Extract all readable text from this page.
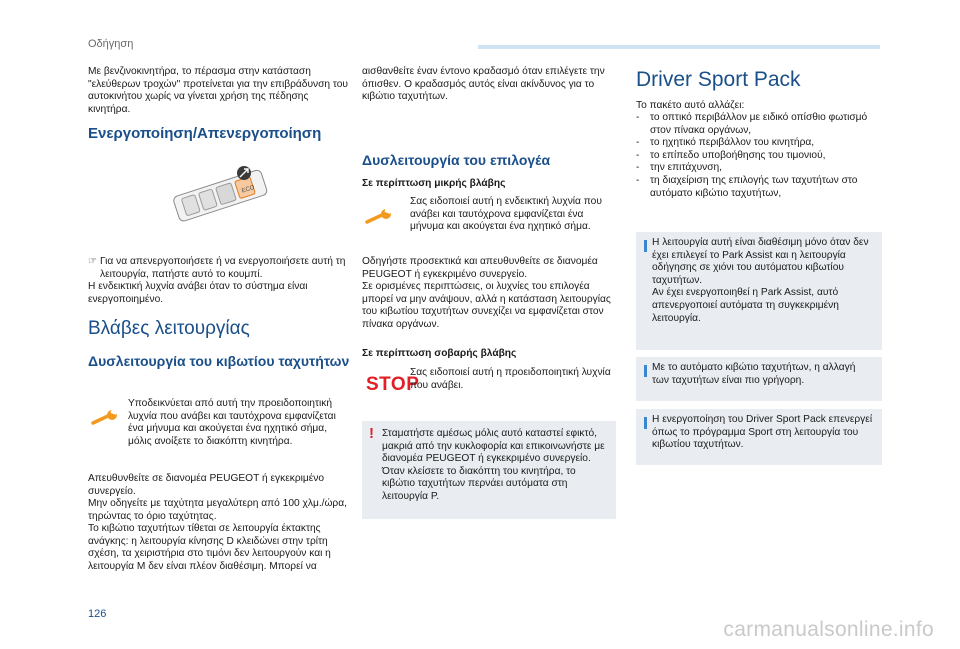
Οδήγηση
Με βενζινοκινητήρα, το πέρασμα στην κατάσταση "ελεύθερων τροχών" προτείνεται για την επιβράδυνση του αυτοκινήτου χωρίς να γίνεται χρήση της πέδησης κινητήρα.
Ενεργοποίηση/Απενεργοποίηση
ECO
☞ Για να απενεργοποιήσετε ή να ενεργοποιήσετε αυτή τη λειτουργία, πατήστε αυτό το κουμπί.
Η ενδεικτική λυχνία ανάβει όταν το σύστημα είναι ενεργοποιημένο.
Βλάβες λειτουργίας
Δυσλειτουργία του κιβωτίου ταχυτήτων
Υποδεικνύεται από αυτή την προειδοποιητική λυχνία που ανάβει και ταυτόχρονα εμφανίζεται ένα μήνυμα και ακούγεται ένα ηχητικό σήμα, μόλις ανοίξετε το διακόπτη κινητήρα.
Απευθυνθείτε σε διανομέα PEUGEOT ή εγκεκριμένο συνεργείο.
Μην οδηγείτε με ταχύτητα μεγαλύτερη από 100 χλμ./ώρα, τηρώντας το όριο ταχύτητας.
Το κιβώτιο ταχυτήτων τίθεται σε λειτουργία έκτακτης ανάγκης: η λειτουργία κίνησης D κλειδώνει στην τρίτη σχέση, τα χειριστήρια στο τιμόνι δεν λειτουργούν και η λειτουργία M δεν είναι πλέον διαθέσιμη. Μπορεί να
αισθανθείτε έναν έντονο κραδασμό όταν επιλέγετε την όπισθεν. Ο κραδασμός αυτός είναι ακίνδυνος για το κιβώτιο ταχυτήτων.
Δυσλειτουργία του επιλογέα
Σε περίπτωση μικρής βλάβης
Σας ειδοποιεί αυτή η ενδεικτική λυχνία που ανάβει και ταυτόχρονα εμφανίζεται ένα μήνυμα και ακούγεται ένα ηχητικό σήμα.
Οδηγήστε προσεκτικά και απευθυνθείτε σε διανομέα PEUGEOT ή εγκεκριμένο συνεργείο.
Σε ορισμένες περιπτώσεις, οι λυχνίες του επιλογέα μπορεί να μην ανάψουν, αλλά η κατάσταση λειτουργίας του κιβωτίου ταχυτήτων συνεχίζει να εμφανίζεται στον πίνακα οργάνων.
Σε περίπτωση σοβαρής βλάβης
STOP
Σας ειδοποιεί αυτή η προειδοποιητική λυχνία που ανάβει.
! Σταματήστε αμέσως μόλις αυτό καταστεί εφικτό, μακριά από την κυκλοφορία και επικοινωνήστε με διανομέα PEUGEOT ή εγκεκριμένο συνεργείο. Όταν κλείσετε το διακόπτη του κινητήρα, το κιβώτιο ταχυτήτων περνάει αυτόματα στη λειτουργία P.
Driver Sport Pack
Το πακέτο αυτό αλλάζει:
-	το οπτικό περιβάλλον με ειδικό οπίσθιο φωτισμό στον πίνακα οργάνων,
-	το ηχητικό περιβάλλον του κινητήρα,
-	το επίπεδο υποβοήθησης του τιμονιού,
-	την επιτάχυνση,
-	τη διαχείριση της επιλογής των ταχυτήτων στο αυτόματο κιβώτιο ταχυτήτων,
Η λειτουργία αυτή είναι διαθέσιμη μόνο όταν δεν έχει επιλεγεί το Park Assist και η λειτουργία οδήγησης σε χιόνι του αυτόματου κιβωτίου ταχυτήτων.
Αν έχει ενεργοποιηθεί η Park Assist, αυτό απενεργοποιεί αυτόματα τη συγκεκριμένη λειτουργία.
Με το αυτόματο κιβώτιο ταχυτήτων, η αλλαγή των ταχυτήτων είναι πιο γρήγορη.
Η ενεργοποίηση του Driver Sport Pack επενεργεί όπως το πρόγραμμα Sport στη λειτουργία του κιβωτίου ταχυτήτων.
126
carmanualsonline.info
